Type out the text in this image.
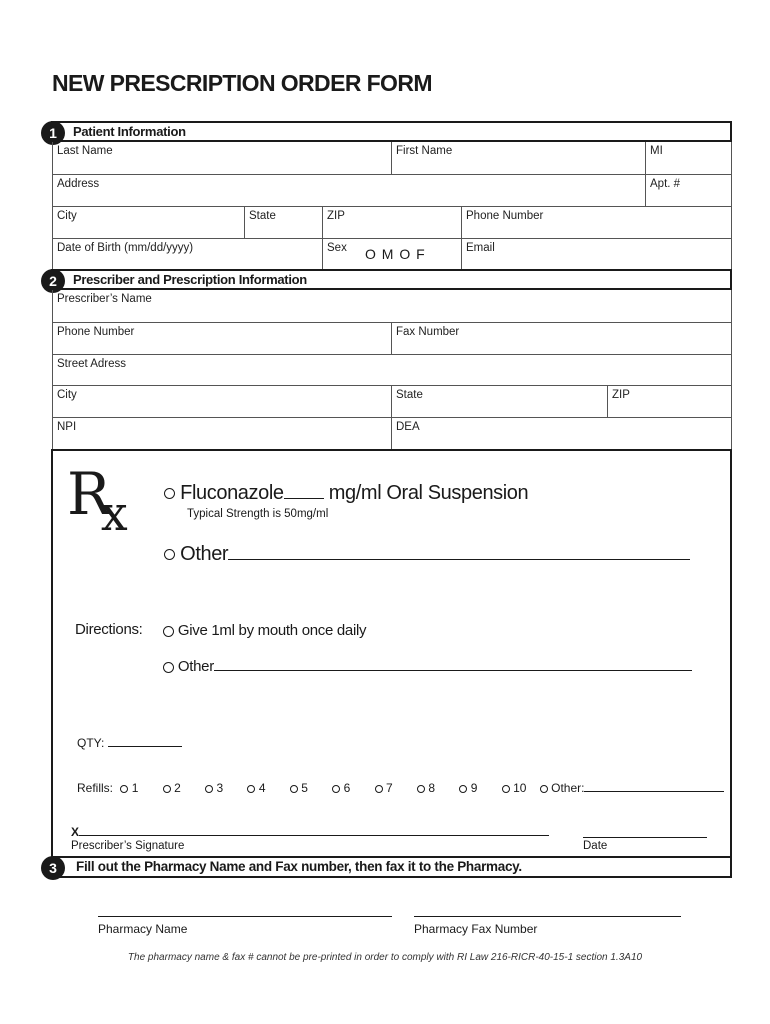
NEW PRESCRIPTION ORDER FORM
1	Patient Information
Last Name	First Name	MI
Address	Apt. #
City	State	ZIP	Phone Number
Date of Birth (mm/dd/yyyy)	Sex O M O F	Email
2	Prescriber and Prescription Information
Prescriber’s Name
Phone Number	Fax Number
Street Adress
City	State	ZIP
NPI	DEA
$R_x$	Fluconazole mg/ml Oral Suspension
Typical Strength is 50mg/ml
Other
Directions:	Give 1ml by mouth once daily
Other
QTY:
Refills: 1	2	3	4	5	6	7	8	9	10 Other:
X
Prescriber’s Signature	Date
3	Fill out the Pharmacy Name and Fax number, then fax it to the Pharmacy.
Pharmacy Name	Pharmacy Fax Number
The pharmacy name & fax # cannot be pre-printed in order to comply with RI Law 216-RICR-40-15-1 section 1.3A10
